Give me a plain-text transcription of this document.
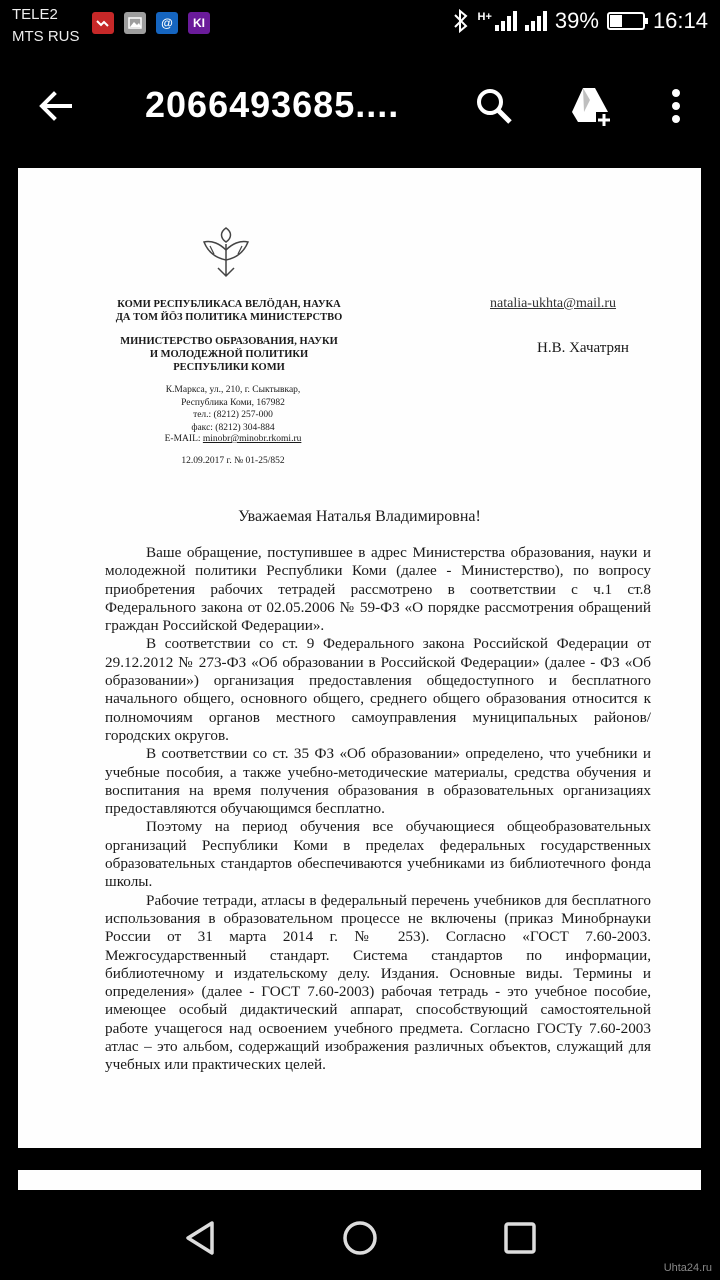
TELE2
MTS RUS
@	KI	H+	39% 16:14
2066493685....
КОМИ РЕСПУБЛИКАСА ВЕЛÖДАН, НАУКА
ДА ТОМ ЙÖЗ ПОЛИТИКА МИНИСТЕРСТВО
МИНИСТЕРСТВО ОБРАЗОВАНИЯ, НАУКИ
И МОЛОДЕЖНОЙ ПОЛИТИКИ
РЕСПУБЛИКИ КОМИ
К.Маркса, ул., 210, г. Сыктывкар,
Республика Коми, 167982
тел.: (8212) 257-000
факс: (8212) 304-884
E-MAIL: minobr@minobr.rkomi.ru
12.09.2017 г. № 01-25/852
natalia-ukhta@mail.ru
Н.В. Хачатрян
Уважаемая Наталья Владимировна!

Ваше обращение, поступившее в адрес Министерства образования, науки и молодежной политики Республики Коми (далее - Министерство), по вопросу приобретения рабочих тетрадей рассмотрено в соответствии с ч.1 ст.8 Федерального закона от 02.05.2006 № 59-ФЗ «О порядке рассмотрения обращений граждан Российской Федерации».

В соответствии со ст. 9 Федерального закона Российской Федерации от 29.12.2012 № 273-ФЗ «Об образовании в Российской Федерации» (далее - ФЗ «Об образовании») организация предоставления общедоступного и бесплатного начального общего, основного общего, среднего общего образования относится к полномочиям органов местного самоуправления муниципальных районов/городских округов.

В соответствии со ст. 35 ФЗ «Об образовании» определено, что учебники и учебные пособия, а также учебно-методические материалы, средства обучения и воспитания на время получения образования в образовательных организациях предоставляются обучающимся бесплатно.

Поэтому на период обучения все обучающиеся общеобразовательных организаций Республики Коми в пределах федеральных государственных образовательных стандартов обеспечиваются учебниками из библиотечного фонда школы.

Рабочие тетради, атласы в федеральный перечень учебников для бесплатного использования в образовательном процессе не включены (приказ Минобрнауки России от 31 марта 2014 г. № 253). Согласно «ГОСТ 7.60-2003. Межгосударственный стандарт. Система стандартов по информации, библиотечному и издательскому делу. Издания. Основные виды. Термины и определения» (далее - ГОСТ 7.60-2003) рабочая тетрадь - это учебное пособие, имеющее особый дидактический аппарат, способствующий самостоятельной работе учащегося над освоением учебного предмета. Согласно ГОСТу 7.60-2003 атлас – это альбом, содержащий изображения различных объектов, служащий для учебных или практических целей.

Uhta24.ru
